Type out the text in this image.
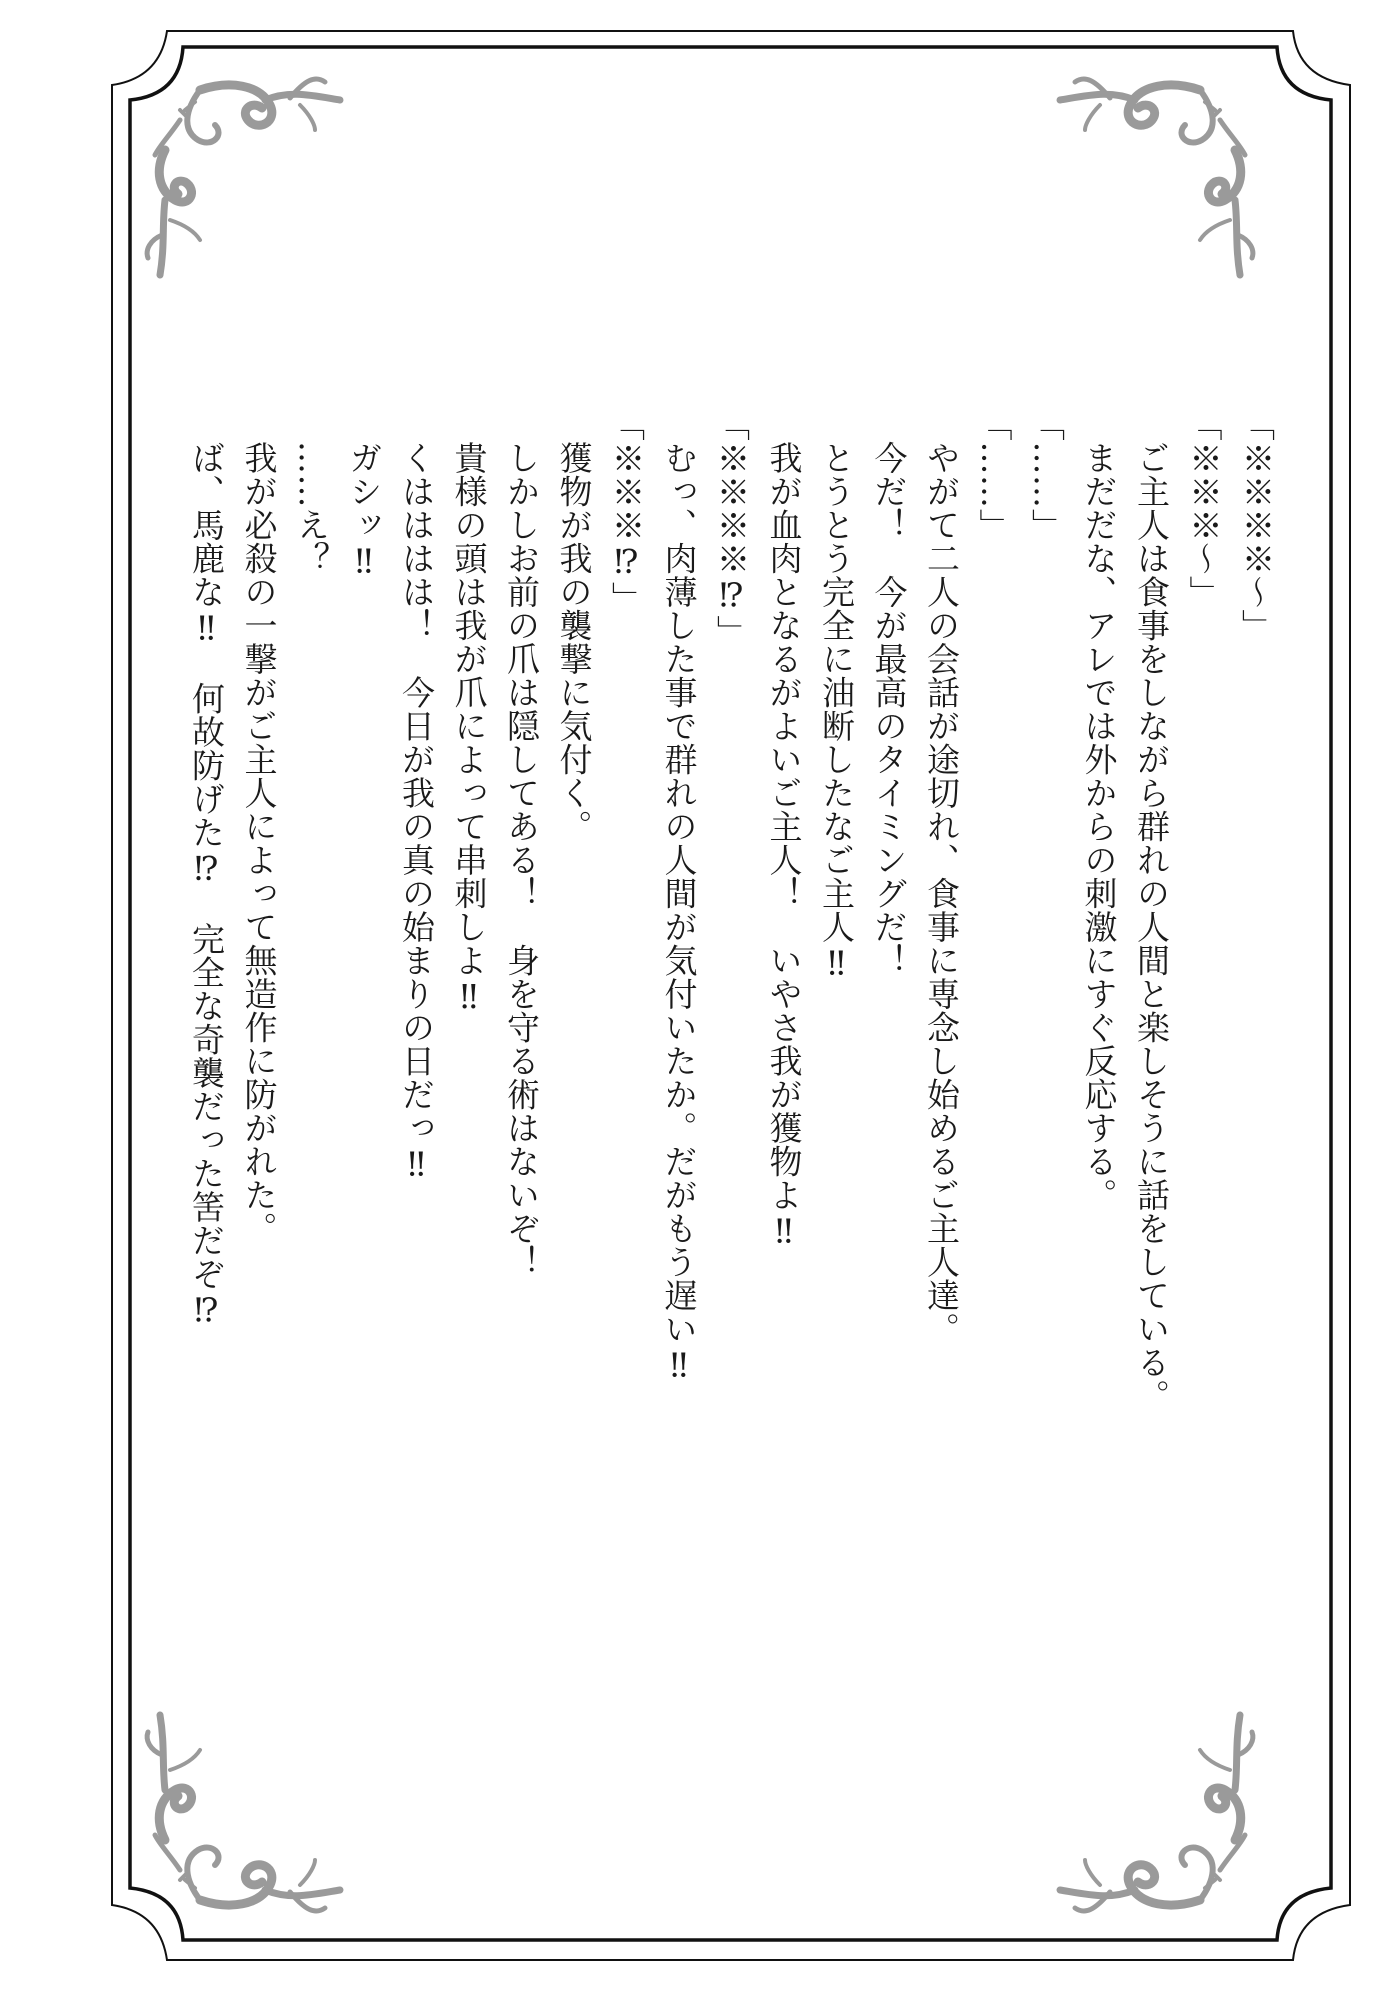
「※※※※～」
「※※※～」
ご主人は食事をしながら群れの人間と楽しそうに話をしている。
まだだな、アレでは外からの刺激にすぐ反応する。
「……」
「……」
やがて二人の会話が途切れ、食事に専念し始めるご主人達。
今だ！　今が最高のタイミングだ！
とうとう完全に油断したなご主人‼
我が血肉となるがよいご主人！　いやさ我が獲物よ‼
「※※※※⁉」
むっ、肉薄した事で群れの人間が気付いたか。だがもう遅い‼
「※※※⁉」
獲物が我の襲撃に気付く。
しかしお前の爪は隠してある！　身を守る術はないぞ！
貴様の頭は我が爪によって串刺しよ‼
くはははは！　今日が我の真の始まりの日だっ‼
ガシッ‼
……え？
我が必殺の一撃がご主人によって無造作に防がれた。
ば、馬鹿な‼　何故防げた⁉　完全な奇襲だった筈だぞ⁉
